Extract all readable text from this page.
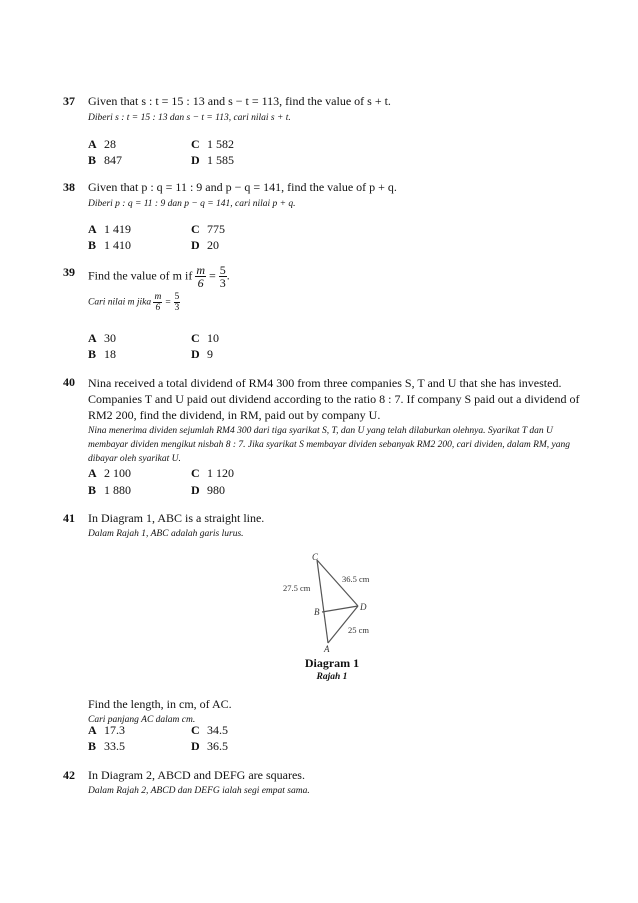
37 Given that s : t = 15 : 13 and s − t = 113, find the value of s + t.
Diberi s : t = 15 : 13 dan s − t = 113, cari nilai s + t.
A 28
B 847
C 1 582
D 1 585
38 Given that p : q = 11 : 9 and p − q = 141, find the value of p + q.
Diberi p : q = 11 : 9 dan p − q = 141, cari nilai p + q.
A 1 419
B 1 410
C 775
D 20
39 Find the value of m if $\frac{m}{6} = \frac{5}{3}$ .
Cari nilai m jika $\frac{m}{6} = \frac{5}{3}$
A 30
B 18
C 10
D 9
40 Nina received a total dividend of RM4 300 from three companies S, T and U that she has invested. Companies T and U paid out dividend according to the ratio 8 : 7. If company S paid out a dividend of RM2 200, find the dividend, in RM, paid out by company U.
Nina menerima dividen sejumlah RM4 300 dari tiga syarikat S, T, dan U yang telah dilaburkan olehnya. Syarikat T dan U membayar dividen mengikut nisbah 8 : 7. Jika syarikat S membayar dividen sebanyak RM2 200, cari dividen, dalam RM, yang dibayar oleh syarikat U.
A 2 100
B 1 880
C 1 120
D 980
41 In Diagram 1, ABC is a straight line.
Dalam Rajah 1, ABC adalah garis lurus.
C
B	D
A
27.5 cm
36.5 cm
25 cm
Diagram 1
Rajah 1
Find the length, in cm, of AC.
Cari panjang AC dalam cm.
A 17.3
B 33.5
C 34.5
D 36.5
42 In Diagram 2, ABCD and DEFG are squares.
Dalam Rajah 2, ABCD dan DEFG ialah segi empat sama.
